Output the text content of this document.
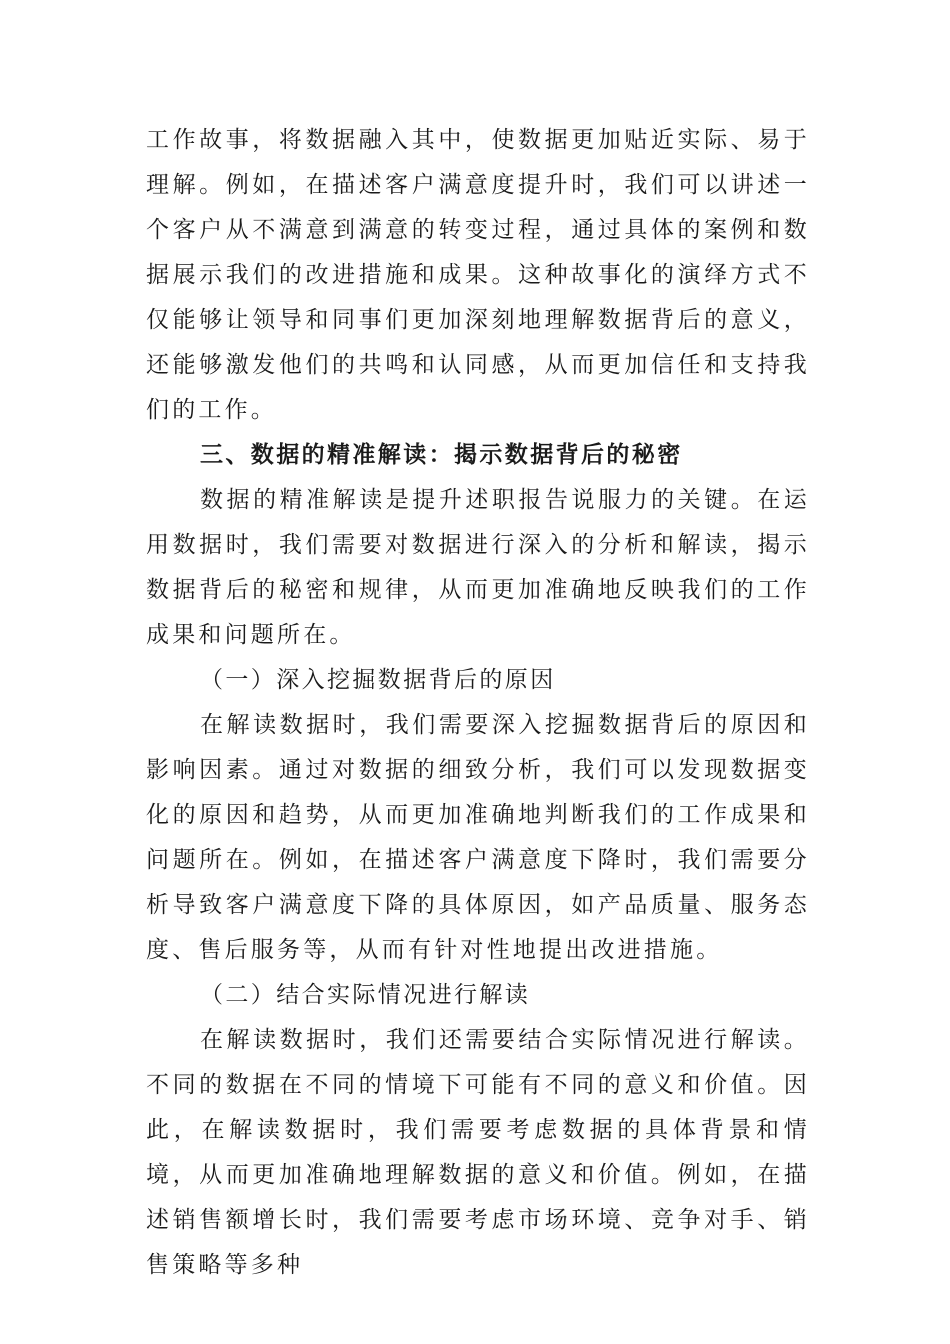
工作故事，将数据融入其中，使数据更加贴近实际、易于理解。例如，在描述客户满意度提升时，我们可以讲述一个客户从不满意到满意的转变过程，通过具体的案例和数据展示我们的改进措施和成果。这种故事化的演绎方式不仅能够让领导和同事们更加深刻地理解数据背后的意义，还能够激发他们的共鸣和认同感，从而更加信任和支持我们的工作。

三、数据的精准解读：揭示数据背后的秘密

数据的精准解读是提升述职报告说服力的关键。在运用数据时，我们需要对数据进行深入的分析和解读，揭示数据背后的秘密和规律，从而更加准确地反映我们的工作成果和问题所在。

（一）深入挖掘数据背后的原因

在解读数据时，我们需要深入挖掘数据背后的原因和影响因素。通过对数据的细致分析，我们可以发现数据变化的原因和趋势，从而更加准确地判断我们的工作成果和问题所在。例如，在描述客户满意度下降时，我们需要分析导致客户满意度下降的具体原因，如产品质量、服务态度、售后服务等，从而有针对性地提出改进措施。

（二）结合实际情况进行解读

在解读数据时，我们还需要结合实际情况进行解读。不同的数据在不同的情境下可能有不同的意义和价值。因此，在解读数据时，我们需要考虑数据的具体背景和情境，从而更加准确地理解数据的意义和价值。例如，在描述销售额增长时，我们需要考虑市场环境、竞争对手、销售策略等多种
